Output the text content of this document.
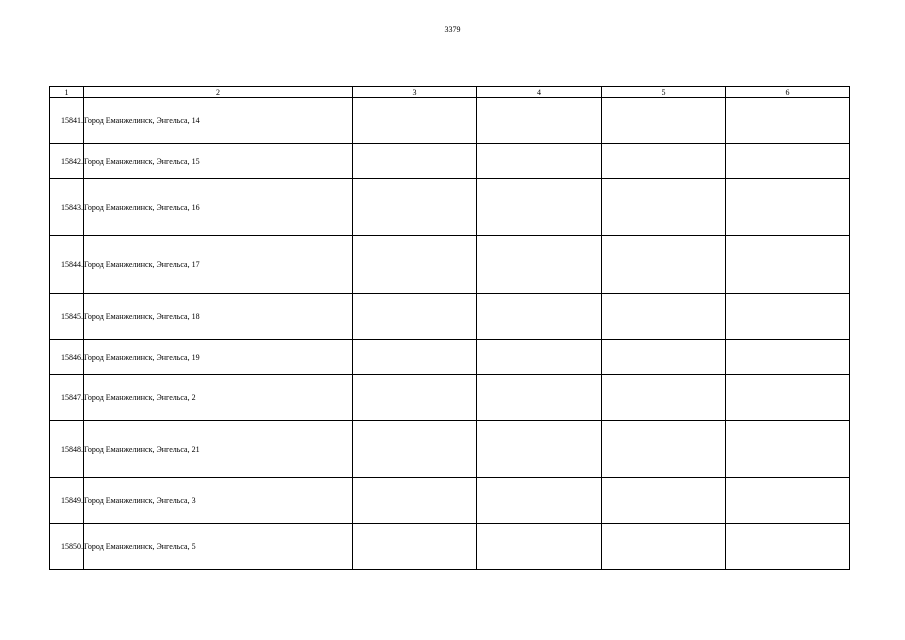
3379
1	2	3	4	5	6
15841.	Город Еманжелинск, Энгельса, 14				
15842.	Город Еманжелинск, Энгельса, 15				
15843.	Город Еманжелинск, Энгельса, 16				
15844.	Город Еманжелинск, Энгельса, 17				
15845.	Город Еманжелинск, Энгельса, 18				
15846.	Город Еманжелинск, Энгельса, 19				
15847.	Город Еманжелинск, Энгельса, 2				
15848.	Город Еманжелинск, Энгельса, 21				
15849.	Город Еманжелинск, Энгельса, 3				
15850.	Город Еманжелинск, Энгельса, 5				
